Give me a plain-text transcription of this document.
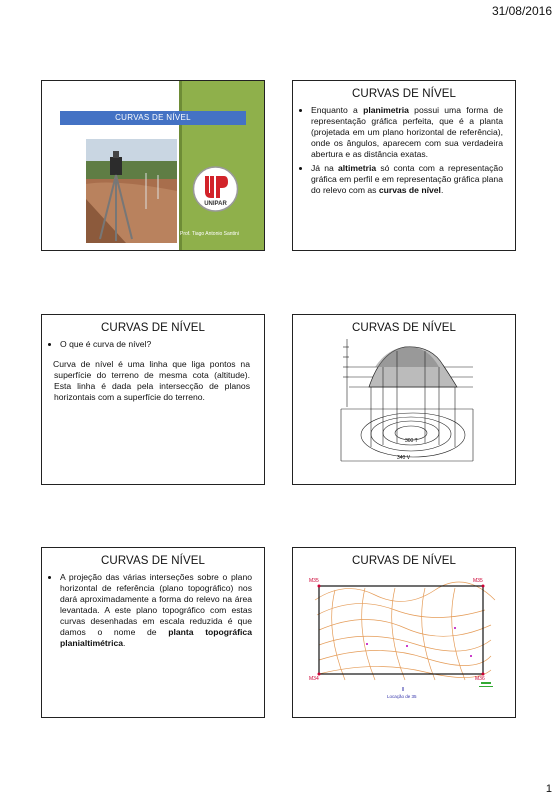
31/08/2016
CURVAS DE NÍVEL
UNIPAR
Prof. Tiago Antonio Santini
CURVAS DE NÍVEL
• Enquanto a planimetria possui uma forma de representação gráfica perfeita, que é a planta (projetada em um plano horizontal de referência), onde os ângulos, aparecem com sua verdadeira abertura e as distância exatas.
• Já na altimetria só conta com a representação gráfica em perfil e em representação gráfica plana do relevo com as curvas de nível.
CURVAS DE NÍVEL
• O que é curva de nível?
Curva de nível é uma linha que liga pontos na superfície do terreno de mesma cota (altitude). Esta linha é dada pela intersecção de planos horizontais com a superfície do terreno.
CURVAS DE NÍVEL
300 T
340 V
CURVAS DE NÍVEL
• A projeção das várias interseções sobre o plano horizontal de referência (plano topográfico) nos dará aproximadamente a forma do relevo na área levantada. A este plano topográfico com estas curvas desenhadas em escala reduzida é que damos o nome de planta topográfica planialtimétrica.
CURVAS DE NÍVEL
M35	M35
M34	M36
Locação de 35
1
